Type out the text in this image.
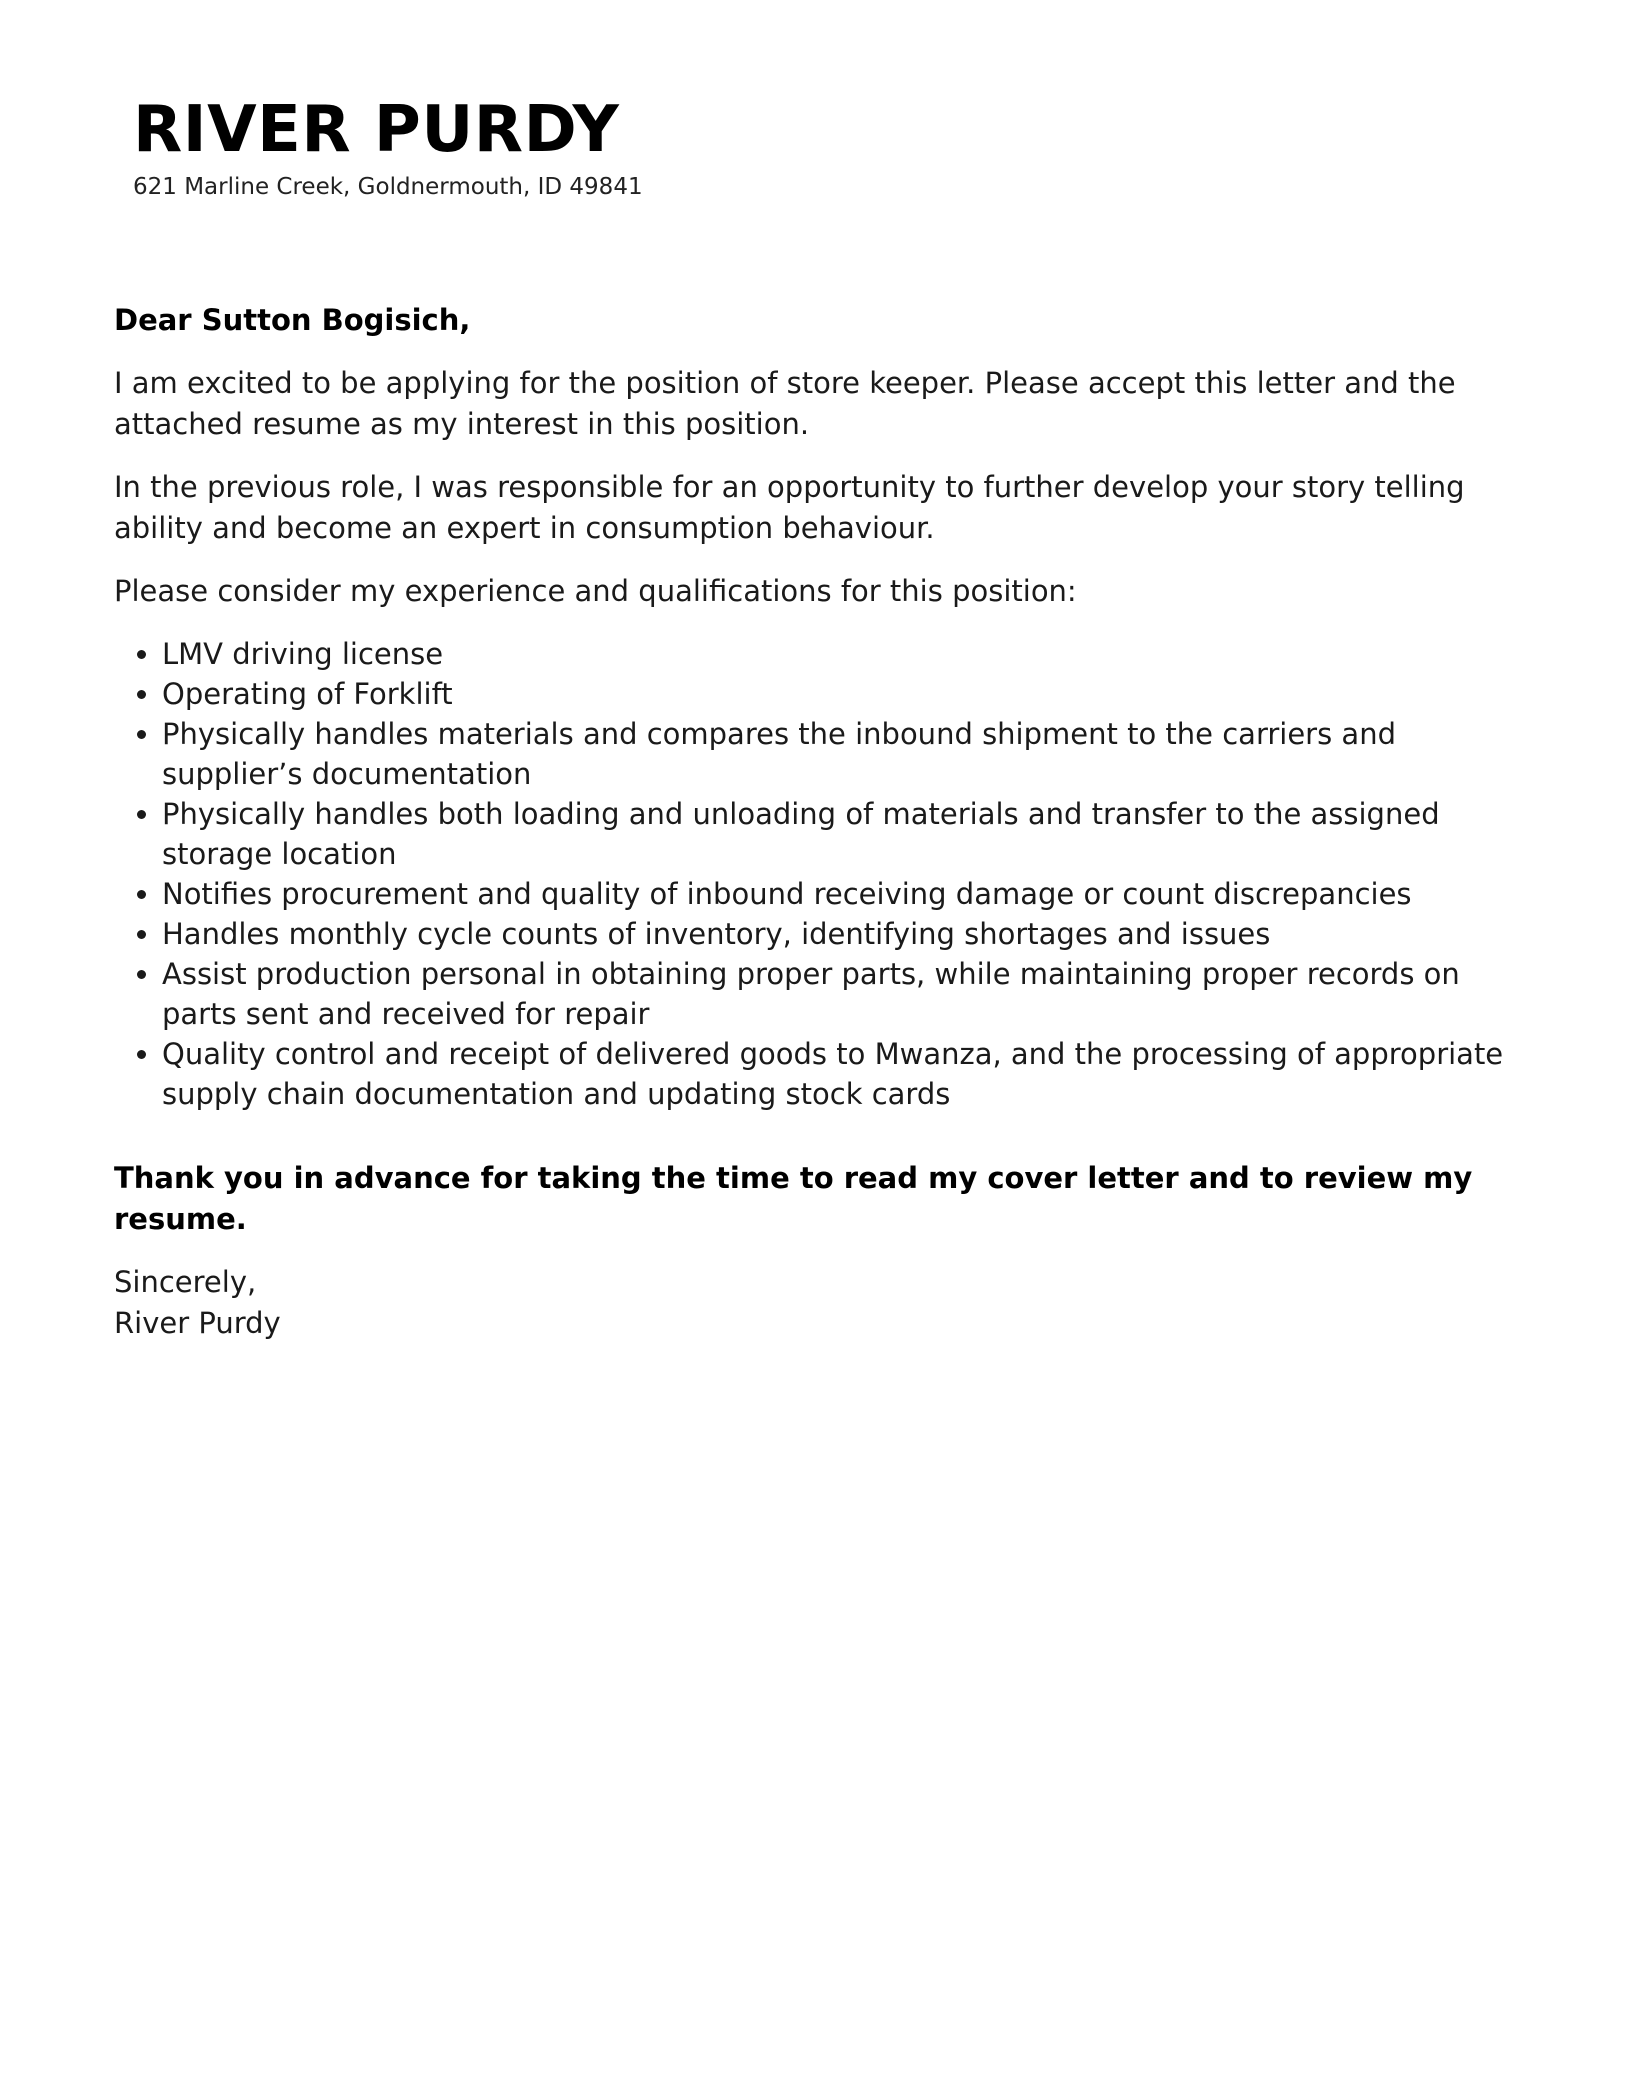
RIVER PURDY
621 Marline Creek, Goldnermouth, ID 49841

Dear Sutton Bogisich,

I am excited to be applying for the position of store keeper. Please accept this letter and the attached resume as my interest in this position.

In the previous role, I was responsible for an opportunity to further develop your story telling ability and become an expert in consumption behaviour.

Please consider my experience and qualifications for this position:

• LMV driving license
• Operating of Forklift
• Physically handles materials and compares the inbound shipment to the carriers and supplier’s documentation
• Physically handles both loading and unloading of materials and transfer to the assigned storage location
• Notifies procurement and quality of inbound receiving damage or count discrepancies
• Handles monthly cycle counts of inventory, identifying shortages and issues
• Assist production personal in obtaining proper parts, while maintaining proper records on parts sent and received for repair
• Quality control and receipt of delivered goods to Mwanza, and the processing of appropriate supply chain documentation and updating stock cards

Thank you in advance for taking the time to read my cover letter and to review my resume.

Sincerely,

River Purdy
